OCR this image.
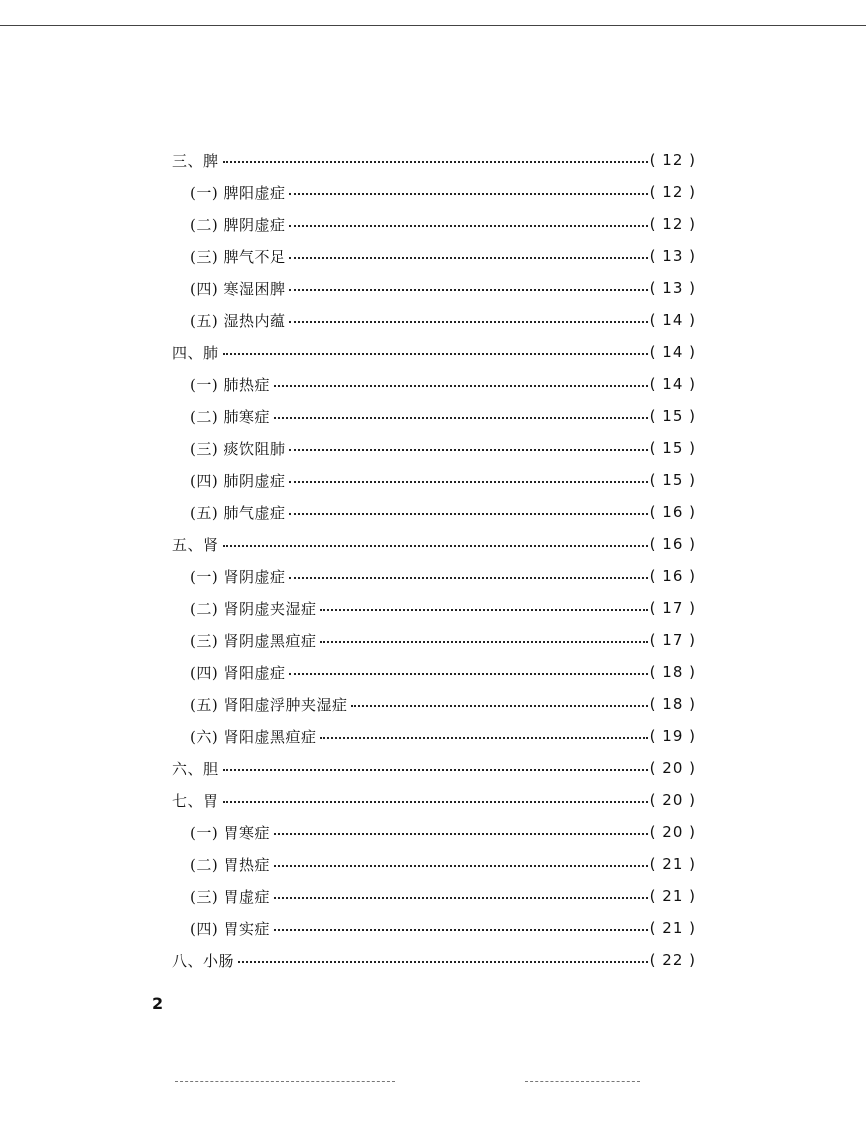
三、脾	( 12 )
(一) 脾阳虚症	( 12 )
(二) 脾阴虚症	( 12 )
(三) 脾气不足	( 13 )
(四) 寒湿困脾	( 13 )
(五) 湿热内蕴	( 14 )
四、肺	( 14 )
(一) 肺热症	( 14 )
(二) 肺寒症	( 15 )
(三) 痰饮阻肺	( 15 )
(四) 肺阴虚症	( 15 )
(五) 肺气虚症	( 16 )
五、肾	( 16 )
(一) 肾阴虚症	( 16 )
(二) 肾阴虚夹湿症	( 17 )
(三) 肾阴虚黑疸症	( 17 )
(四) 肾阳虚症	( 18 )
(五) 肾阳虚浮肿夹湿症	( 18 )
(六) 肾阳虚黑疸症	( 19 )
六、胆	( 20 )
七、胃	( 20 )
(一) 胃寒症	( 20 )
(二) 胃热症	( 21 )
(三) 胃虚症	( 21 )
(四) 胃实症	( 21 )
八、小肠	( 22 )
2
